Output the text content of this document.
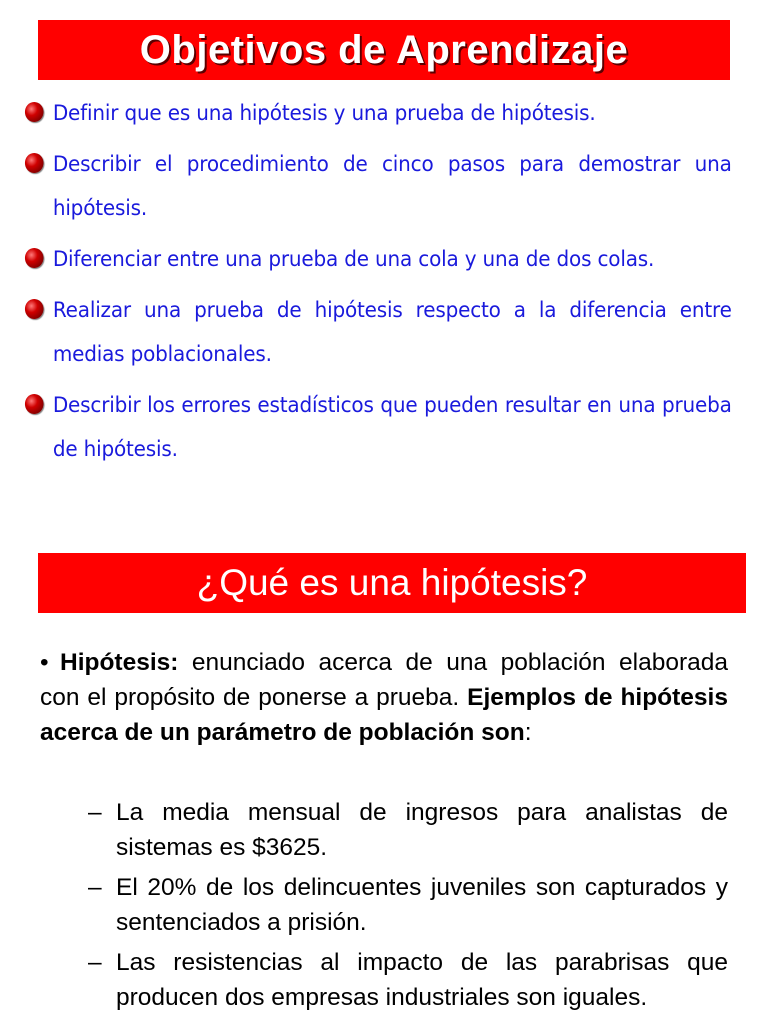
Objetivos de Aprendizaje
Definir que es una hipótesis y una prueba de hipótesis.
Describir el procedimiento de cinco pasos para demostrar una hipótesis.
Diferenciar entre una prueba de una cola y una de dos colas.
Realizar una prueba de hipótesis respecto a la diferencia entre medias poblacionales.
Describir los errores estadísticos que pueden resultar en una prueba de hipótesis.
¿Qué es una hipótesis?
• Hipótesis: enunciado acerca de una población elaborada con el propósito de ponerse a prueba. Ejemplos de hipótesis acerca de un parámetro de población son:
– La media mensual de ingresos para analistas de sistemas es $3625.
– El 20% de los delincuentes juveniles son capturados y sentenciados a prisión.
– Las resistencias al impacto de las parabrisas que producen dos empresas industriales son iguales.
